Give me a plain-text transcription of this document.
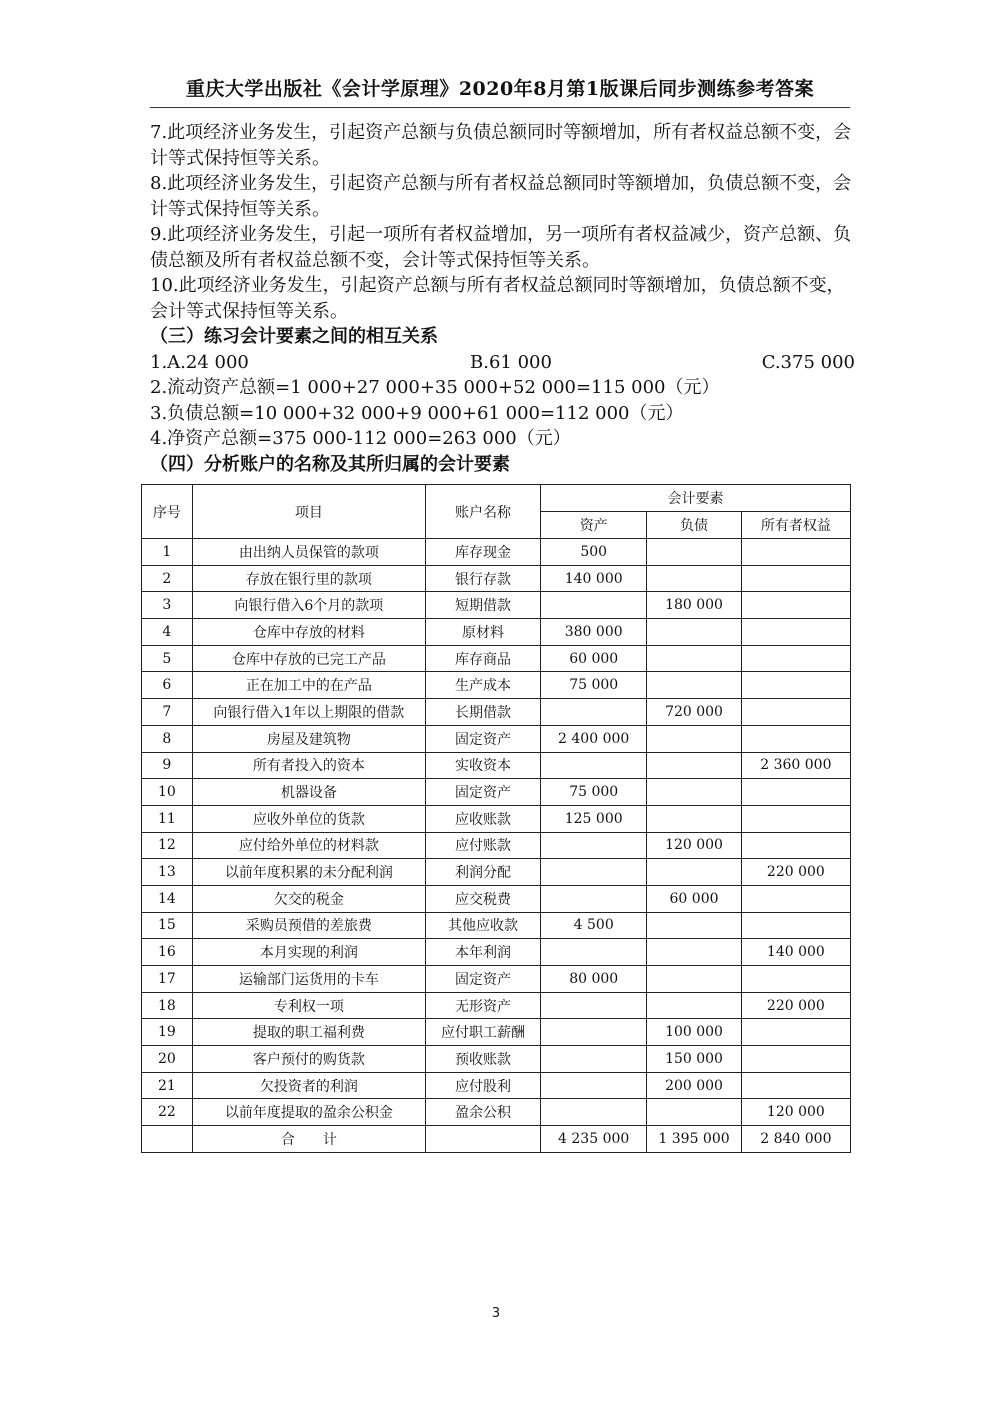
重庆大学出版社《会计学原理》2020年8月第1版课后同步测练参考答案

7.此项经济业务发生，引起资产总额与负债总额同时等额增加，所有者权益总额不变，会计等式保持恒等关系。

8.此项经济业务发生，引起资产总额与所有者权益总额同时等额增加，负债总额不变，会计等式保持恒等关系。

9.此项经济业务发生，引起一项所有者权益增加，另一项所有者权益减少，资产总额、负债总额及所有者权益总额不变，会计等式保持恒等关系。

10.此项经济业务发生，引起资产总额与所有者权益总额同时等额增加，负债总额不变，会计等式保持恒等关系。

（三）练习会计要素之间的相互关系

1.A.24 000	B.61 000	C.375 000

2.流动资产总额=1 000+27 000+35 000+52 000=115 000（元）

3.负债总额=10 000+32 000+9 000+61 000=112 000（元）

4.净资产总额=375 000-112 000=263 000（元）

（四）分析账户的名称及其所归属的会计要素

序号	项目	账户名称	会计要素		
			资产	负债	所有者权益
1	由出纳人员保管的款项	库存现金	500		
2	存放在银行里的款项	银行存款	140 000		
3	向银行借入6个月的款项	短期借款		180 000	
4	仓库中存放的材料	原材料	380 000		
5	仓库中存放的已完工产品	库存商品	60 000		
6	正在加工中的在产品	生产成本	75 000		
7	向银行借入1年以上期限的借款	长期借款		720 000	
8	房屋及建筑物	固定资产	2 400 000		
9	所有者投入的资本	实收资本			2 360 000
10	机器设备	固定资产	75 000		
11	应收外单位的货款	应收账款	125 000		
12	应付给外单位的材料款	应付账款		120 000	
13	以前年度积累的未分配利润	利润分配			220 000
14	欠交的税金	应交税费		60 000	
15	采购员预借的差旅费	其他应收款	4 500		
16	本月实现的利润	本年利润			140 000
17	运输部门运货用的卡车	固定资产	80 000		
18	专利权一项	无形资产			220 000
19	提取的职工福利费	应付职工薪酬		100 000	
20	客户预付的购货款	预收账款		150 000	
21	欠投资者的利润	应付股利		200 000	
22	以前年度提取的盈余公积金	盈余公积			120 000
	合　　计		4 235 000	1 395 000	2 840 000
3
